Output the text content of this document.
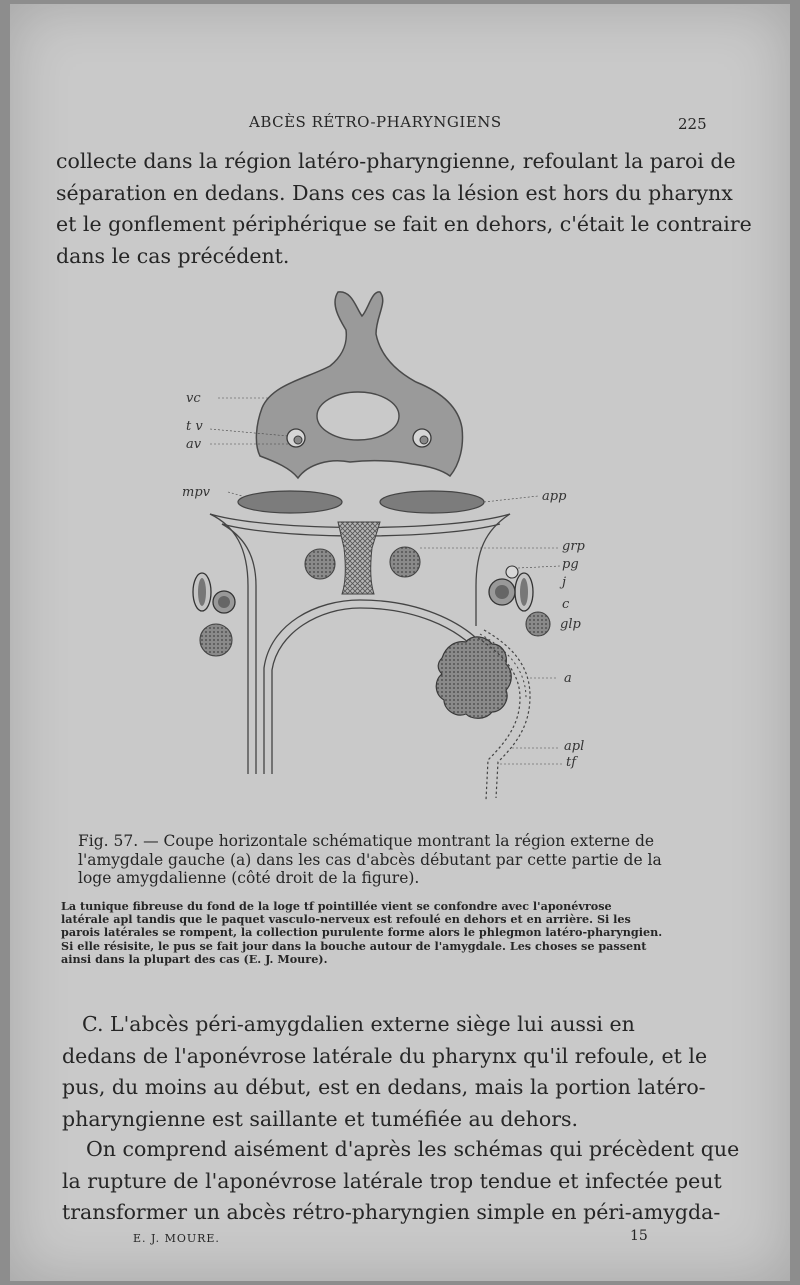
ABCÈS RÉTRO-PHARYNGIENS	225
collecte dans la région latéro-pharyngienne, refoulant la paroi de
séparation en dedans. Dans ces cas la lésion est hors du pharynx
et le gonflement périphérique se fait en dehors, c'était le contraire
dans le cas précédent.
vc
t v
av
mpv	app
grp
pg
j
c
glp
a
apl
tf
Fig. 57. — Coupe horizontale schématique montrant la région externe de
l'amygdale gauche (a) dans les cas d'abcès débutant par cette partie de la
loge amygdalienne (côté droit de la figure).
La tunique fibreuse du fond de la loge tf pointillée vient se confondre avec l'aponévrose
latérale apl tandis que le paquet vasculo-nerveux est refoulé en dehors et en arrière. Si les
parois latérales se rompent, la collection purulente forme alors le phlegmon latéro-pharyngien.
Si elle résisite, le pus se fait jour dans la bouche autour de l'amygdale. Les choses se passent
ainsi dans la plupart des cas (E. J. Moure).
C. L'abcès péri-amygdalien externe siège lui aussi en
dedans de l'aponévrose latérale du pharynx qu'il refoule, et le
pus, du moins au début, est en dedans, mais la portion latéro-
pharyngienne est saillante et tuméfiée au dehors.
On comprend aisément d'après les schémas qui précèdent que
la rupture de l'aponévrose latérale trop tendue et infectée peut
transformer un abcès rétro-pharyngien simple en péri-amygda-
E. J. MOURE.	15
